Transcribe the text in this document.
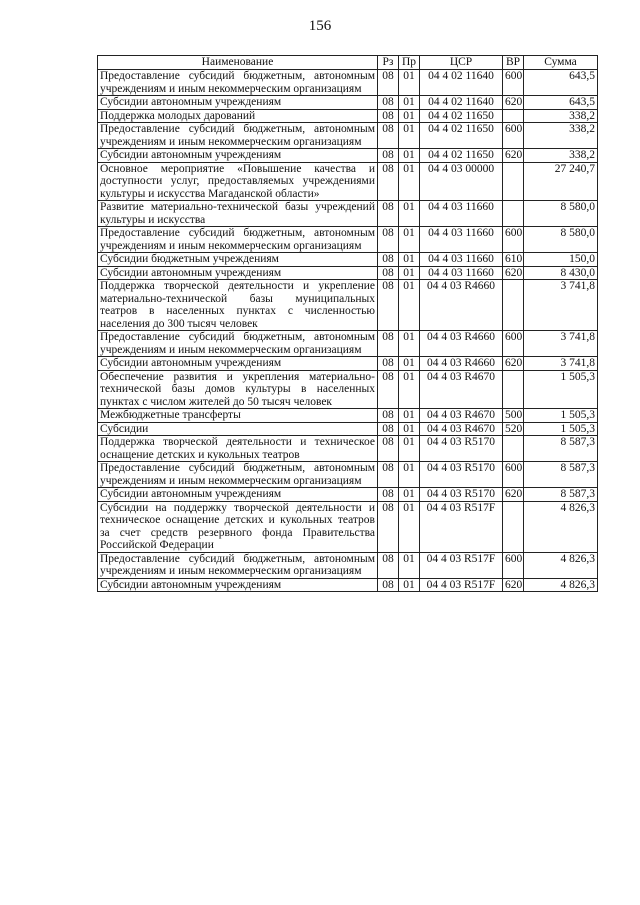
156
Наименование	Рз	Пр	ЦСР	ВР	Сумма
Предоставление субсидий бюджетным, автономным учреждениям и иным некоммерческим организациям	08	01	04 4 02 11640	600	643,5
Субсидии автономным учреждениям	08	01	04 4 02 11640	620	643,5
Поддержка молодых дарований	08	01	04 4 02 11650		338,2
Предоставление субсидий бюджетным, автономным учреждениям и иным некоммерческим организациям	08	01	04 4 02 11650	600	338,2
Субсидии автономным учреждениям	08	01	04 4 02 11650	620	338,2
Основное мероприятие «Повышение качества и доступности услуг, предоставляемых учреждениями культуры и искусства Магаданской области»	08	01	04 4 03 00000		27 240,7
Развитие материально-технической базы учреждений культуры и искусства	08	01	04 4 03 11660		8 580,0
Предоставление субсидий бюджетным, автономным учреждениям и иным некоммерческим организациям	08	01	04 4 03 11660	600	8 580,0
Субсидии бюджетным учреждениям	08	01	04 4 03 11660	610	150,0
Субсидии автономным учреждениям	08	01	04 4 03 11660	620	8 430,0
Поддержка творческой деятельности и укрепление материально-технической базы муниципальных театров в населенных пунктах с численностью населения до 300 тысяч человек	08	01	04 4 03 R4660		3 741,8
Предоставление субсидий бюджетным, автономным учреждениям и иным некоммерческим организациям	08	01	04 4 03 R4660	600	3 741,8
Субсидии автономным учреждениям	08	01	04 4 03 R4660	620	3 741,8
Обеспечение развития и укрепления материально-технической базы домов культуры в населенных пунктах с числом жителей до 50 тысяч человек	08	01	04 4 03 R4670		1 505,3
Межбюджетные трансферты	08	01	04 4 03 R4670	500	1 505,3
Субсидии	08	01	04 4 03 R4670	520	1 505,3
Поддержка творческой деятельности и техническое оснащение детских и кукольных театров	08	01	04 4 03 R5170		8 587,3
Предоставление субсидий бюджетным, автономным учреждениям и иным некоммерческим организациям	08	01	04 4 03 R5170	600	8 587,3
Субсидии автономным учреждениям	08	01	04 4 03 R5170	620	8 587,3
Субсидии на поддержку творческой деятельности и техническое оснащение детских и кукольных театров за счет средств резервного фонда Правительства Российской Федерации	08	01	04 4 03 R517F		4 826,3
Предоставление субсидий бюджетным, автономным учреждениям и иным некоммерческим организациям	08	01	04 4 03 R517F	600	4 826,3
Субсидии автономным учреждениям	08	01	04 4 03 R517F	620	4 826,3
